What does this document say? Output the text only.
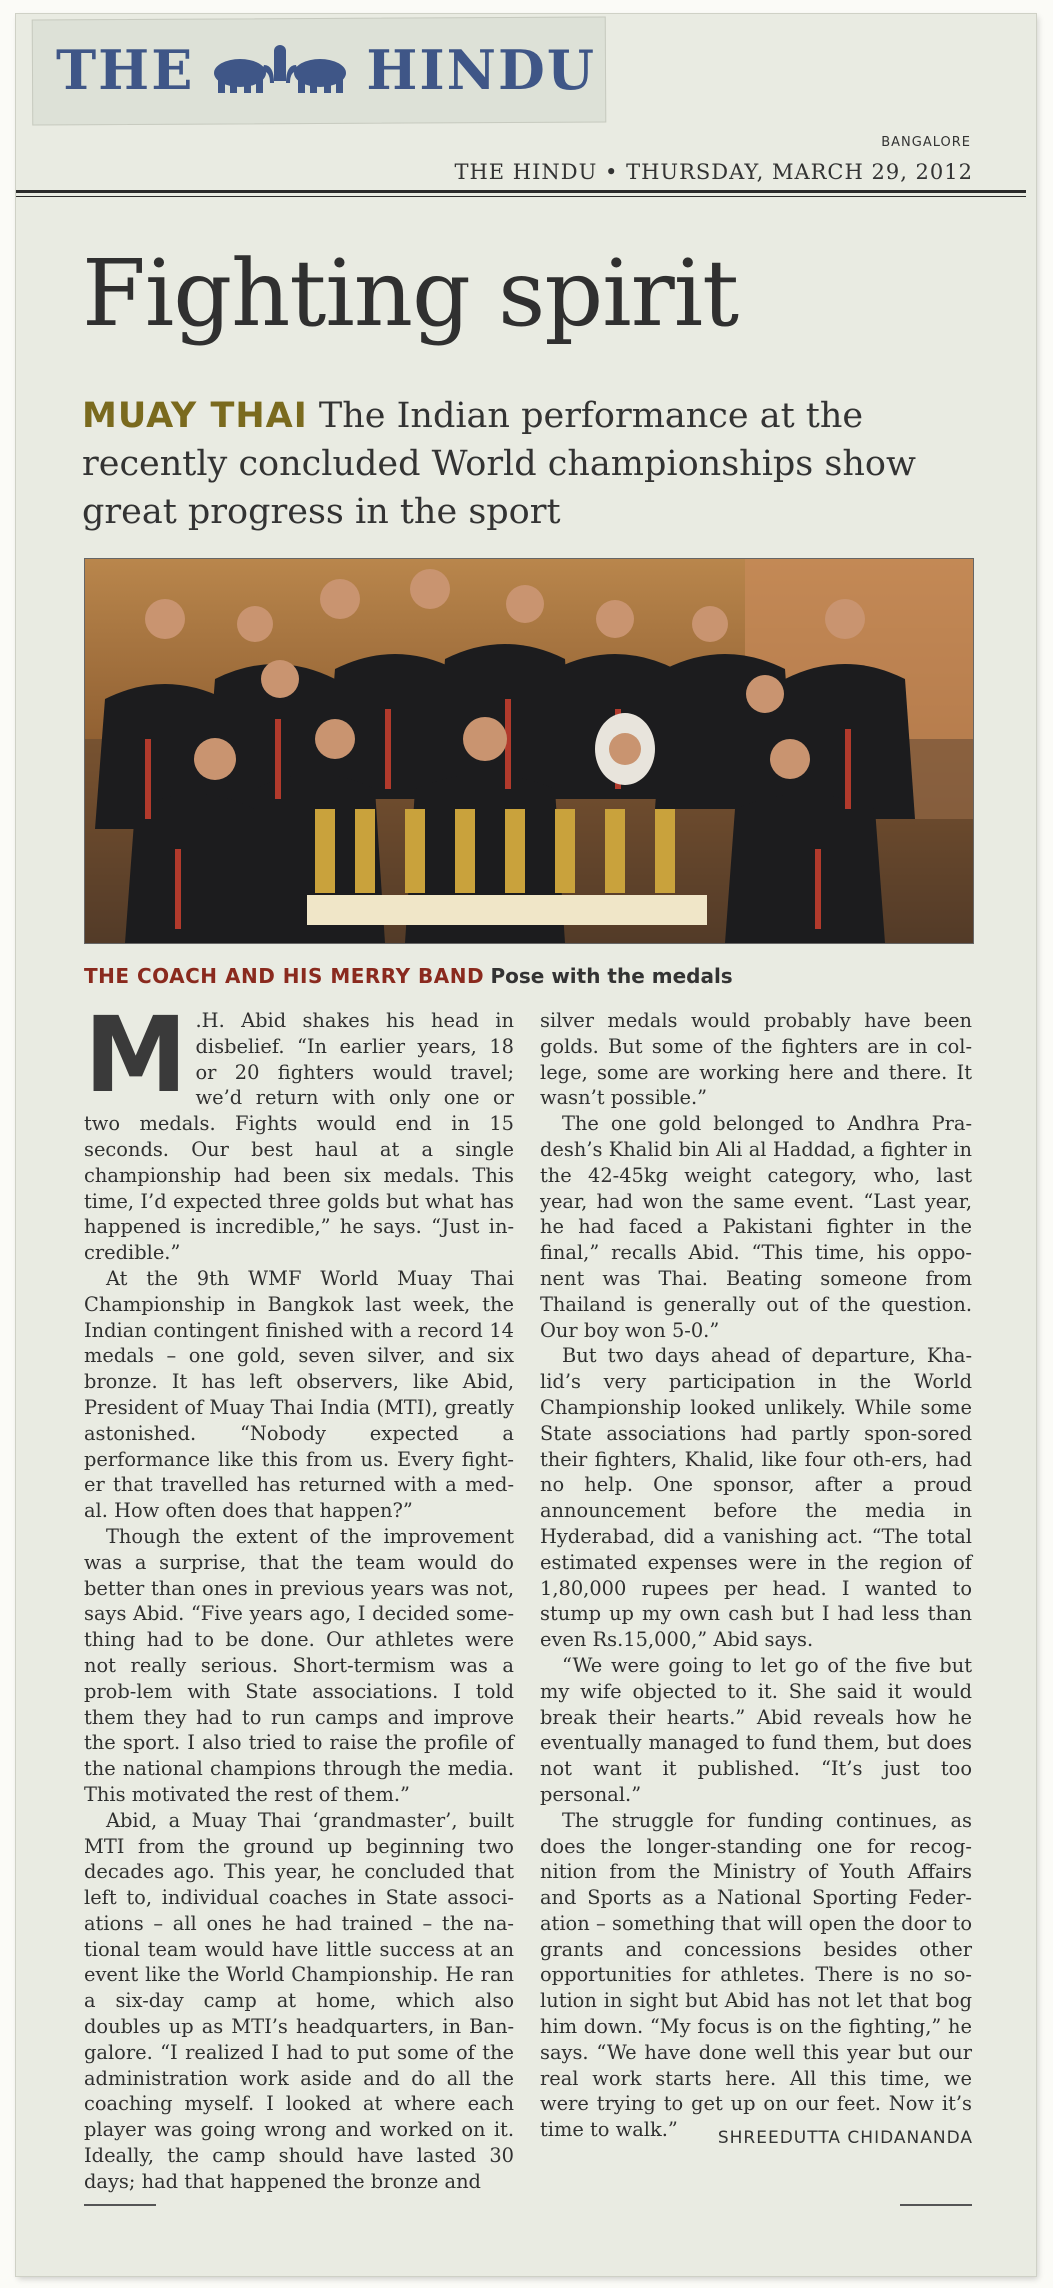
THE	HINDU
BANGALORE
THE HINDU • THURSDAY, MARCH 29, 2012
Fighting spirit
MUAY THAI The Indian performance at the recently concluded World championships show great progress in the sport
THE COACH AND HIS MERRY BAND Pose with the medals

M .H. Abid shakes his head in disbelief. “In earlier years, 18 or 20 fighters would travel; we’d return with only one or two medals. Fights would end in 15 seconds. Our best haul at a single championship had been six medals. This time, I’d expected three golds but what has happened is incredible,” he says. “Just in-credible.”

At the 9th WMF World Muay Thai Championship in Bangkok last week, the Indian contingent finished with a record 14 medals – one gold, seven silver, and six bronze. It has left observers, like Abid, President of Muay Thai India (MTI), greatly astonished. “Nobody expected a performance like this from us. Every fight-er that travelled has returned with a med-al. How often does that happen?”

Though the extent of the improvement was a surprise, that the team would do better than ones in previous years was not, says Abid. “Five years ago, I decided some-thing had to be done. Our athletes were not really serious. Short-termism was a prob-lem with State associations. I told them they had to run camps and improve the sport. I also tried to raise the profile of the national champions through the media. This motivated the rest of them.”

Abid, a Muay Thai ‘grandmaster’, built MTI from the ground up beginning two decades ago. This year, he concluded that left to, individual coaches in State associ-ations – all ones he had trained – the na-tional team would have little success at an event like the World Championship. He ran a six-day camp at home, which also doubles up as MTI’s headquarters, in Ban-galore. “I realized I had to put some of the administration work aside and do all the coaching myself. I looked at where each player was going wrong and worked on it. Ideally, the camp should have lasted 30 days; had that happened the bronze and

silver medals would probably have been golds. But some of the fighters are in col-lege, some are working here and there. It wasn’t possible.”

The one gold belonged to Andhra Pra-desh’s Khalid bin Ali al Haddad, a fighter in the 42-45kg weight category, who, last year, had won the same event. “Last year, he had faced a Pakistani fighter in the final,” recalls Abid. “This time, his oppo-nent was Thai. Beating someone from Thailand is generally out of the question. Our boy won 5-0.”

But two days ahead of departure, Kha-lid’s very participation in the World Championship looked unlikely. While some State associations had partly spon-sored their fighters, Khalid, like four oth-ers, had no help. One sponsor, after a proud announcement before the media in Hyderabad, did a vanishing act. “The total estimated expenses were in the region of 1,80,000 rupees per head. I wanted to stump up my own cash but I had less than even Rs.15,000,” Abid says.

“We were going to let go of the five but my wife objected to it. She said it would break their hearts.” Abid reveals how he eventually managed to fund them, but does not want it published. “It’s just too personal.”

The struggle for funding continues, as does the longer-standing one for recog-nition from the Ministry of Youth Affairs and Sports as a National Sporting Feder-ation – something that will open the door to grants and concessions besides other opportunities for athletes. There is no so-lution in sight but Abid has not let that bog him down. “My focus is on the fighting,” he says. “We have done well this year but our real work starts here. All this time, we were trying to get up on our feet. Now it’s time to walk.”	SHREEDUTTA CHIDANANDA
